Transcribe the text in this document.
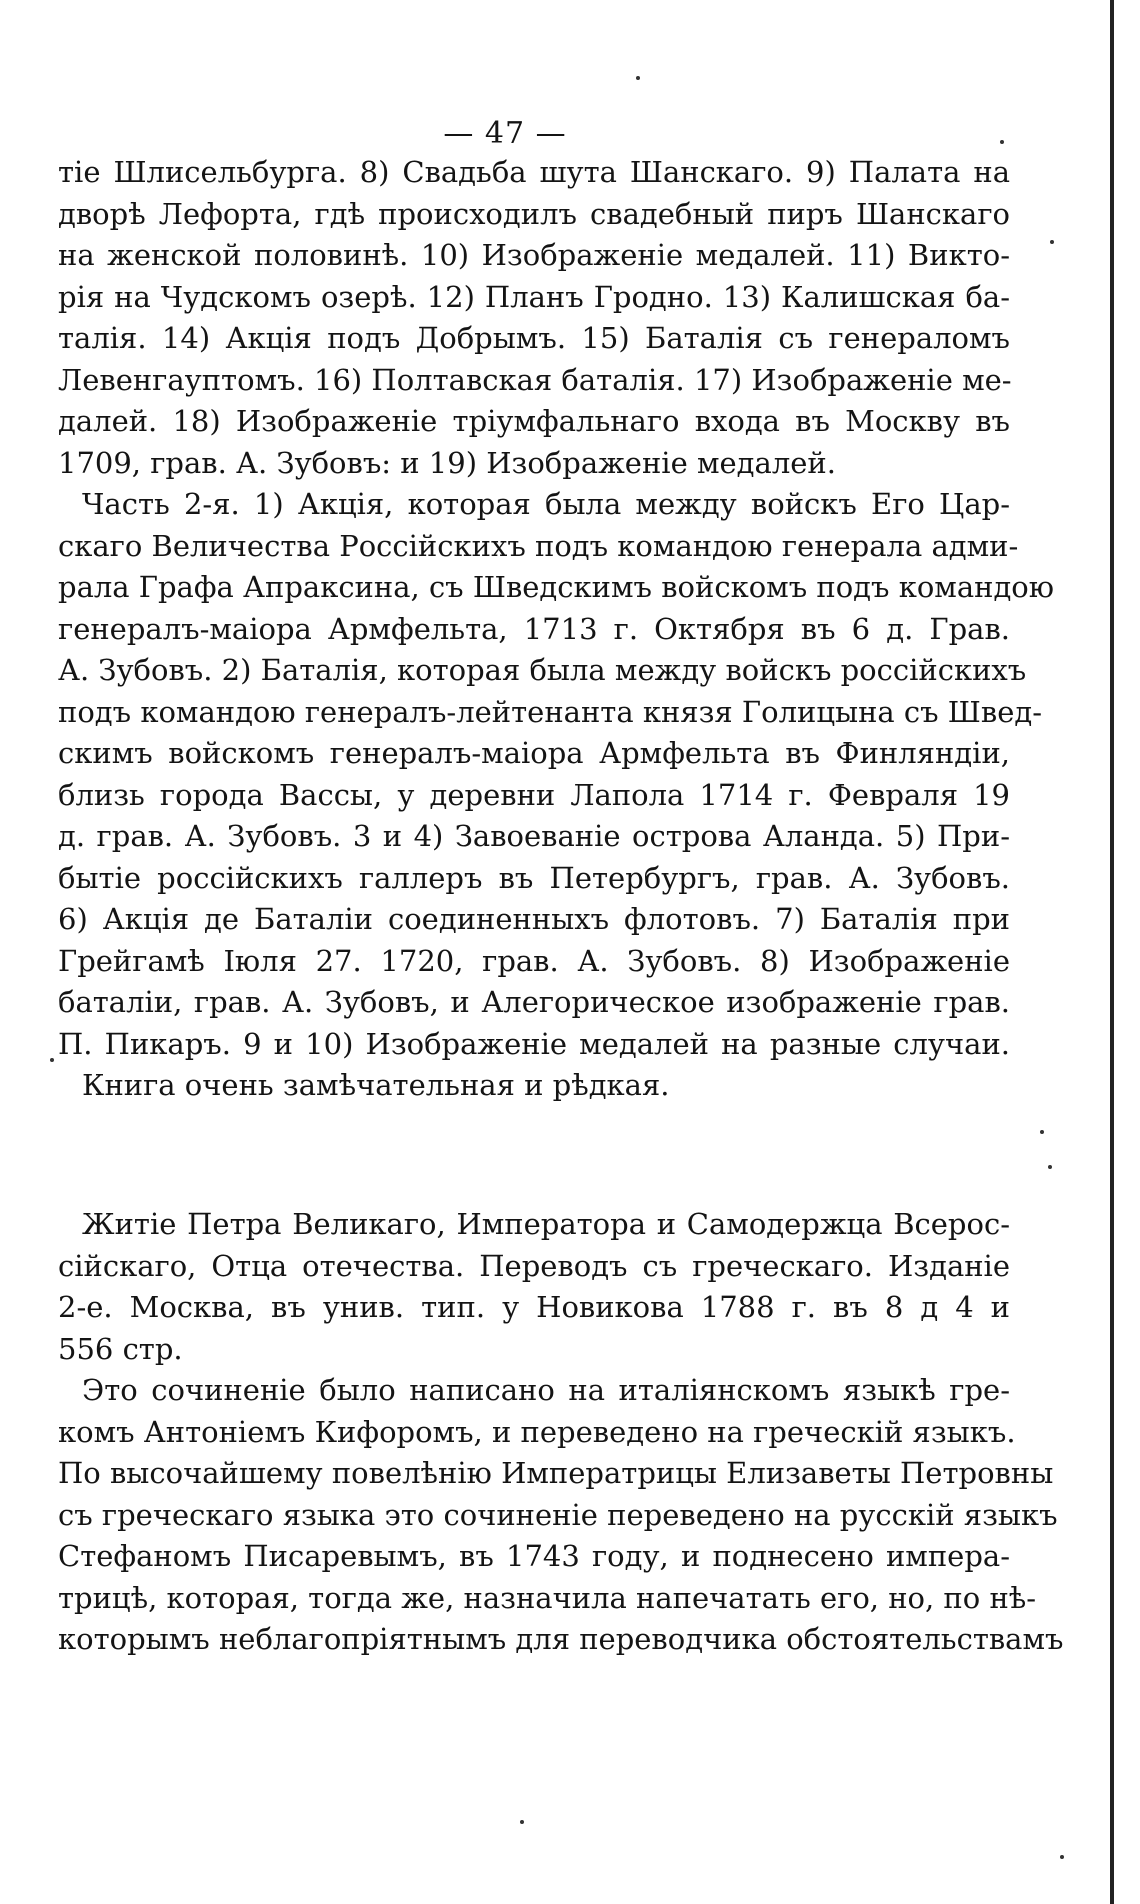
— 47 —
тіе Шлисельбурга. 8) Свадьба шута Шанскаго. 9) Палата на
дворѣ Лефорта, гдѣ происходилъ свадебный пиръ Шанскаго
на женской половинѣ. 10) Изображеніе медалей. 11) Викто-
рія на Чудскомъ озерѣ. 12) Планъ Гродно. 13) Калишская ба-
талія. 14) Акція подъ Добрымъ. 15) Баталія съ генераломъ
Левенгауптомъ. 16) Полтавская баталія. 17) Изображеніе ме-
далей. 18) Изображеніе тріумфальнаго входа въ Москву въ
1709, грав. А. Зубовъ: и 19) Изображеніе медалей.
Часть 2-я. 1) Акція, которая была между войскъ Его Цар-
скаго Величества Россійскихъ подъ командою генерала адми-
рала Графа Апраксина, съ Шведскимъ войскомъ подъ командою
генералъ-маіора Армфельта, 1713 г. Октября въ 6 д. Грав.
А. Зубовъ. 2) Баталія, которая была между войскъ россійскихъ
подъ командою генералъ-лейтенанта князя Голицына съ Швед-
скимъ войскомъ генералъ-маіора Армфельта въ Финляндіи,
близь города Вассы, у деревни Лапола 1714 г. Февраля 19
д. грав. А. Зубовъ. 3 и 4) Завоеваніе острова Аланда. 5) При-
бытіе россійскихъ галлеръ въ Петербургъ, грав. А. Зубовъ.
6) Акція де Баталіи соединенныхъ флотовъ. 7) Баталія при
Грейгамѣ Іюля 27. 1720, грав. А. Зубовъ. 8) Изображеніе
баталіи, грав. А. Зубовъ, и Алегорическое изображеніе грав.
П. Пикаръ. 9 и 10) Изображеніе медалей на разные случаи.
Книга очень замѣчательная и рѣдкая.
Житіе Петра Великаго, Императора и Самодержца Всерос-
сійскаго, Отца отечества. Переводъ съ греческаго. Изданіе
2-е. Москва, въ унив. тип. у Новикова 1788 г. въ 8 д 4 и
556 стр.
Это сочиненіе было написано на италіянскомъ языкѣ гре-
комъ Антоніемъ Кифоромъ, и переведено на греческій языкъ.
По высочайшему повелѣнію Императрицы Елизаветы Петровны
съ греческаго языка это сочиненіе переведено на русскій языкъ
Стефаномъ Писаревымъ, въ 1743 году, и поднесено импера-
трицѣ, которая, тогда же, назначила напечатать его, но, по нѣ-
которымъ неблагопріятнымъ для переводчика обстоятельствамъ
